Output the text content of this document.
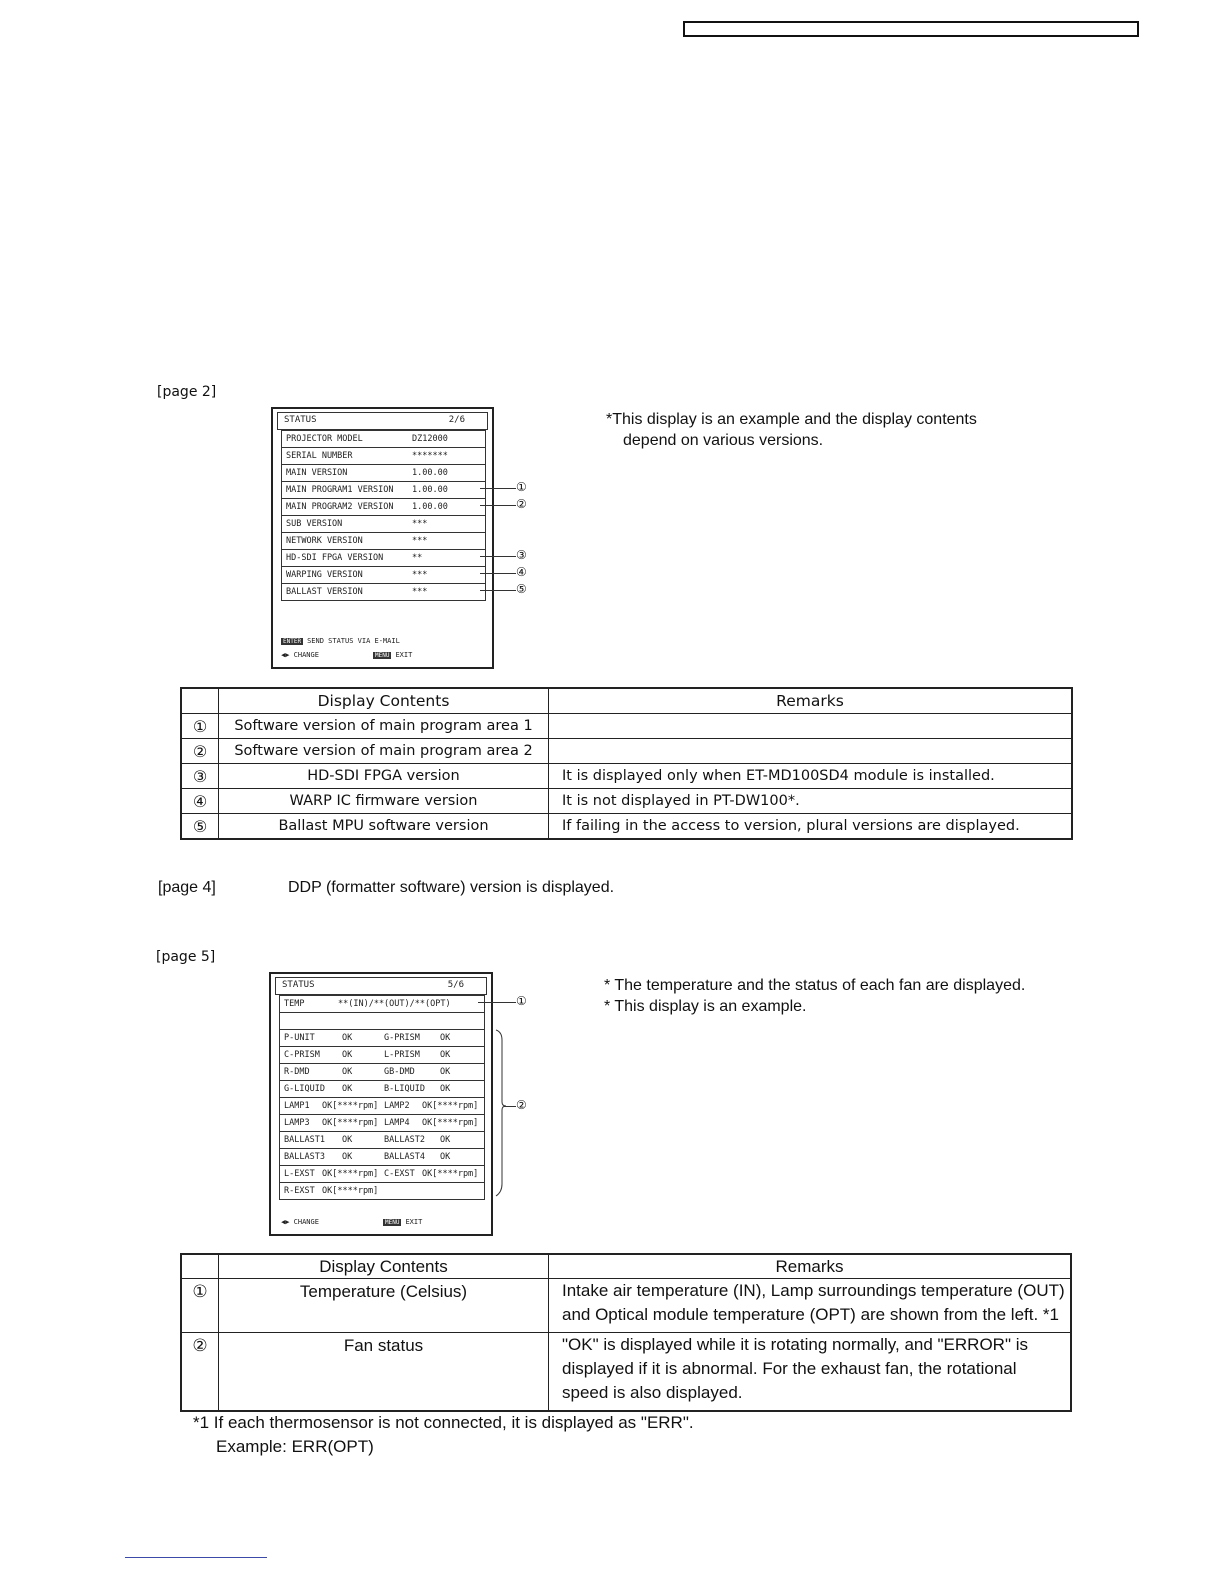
[page 2]
STATUS	2/6
PROJECTOR MODEL	DZ12000
SERIAL NUMBER	*******
MAIN VERSION	1.00.00
MAIN PROGRAM1 VERSION 1.00.00
MAIN PROGRAM2 VERSION 1.00.00
SUB VERSION	***
NETWORK VERSION	***
HD-SDI FPGA VERSION	**
WARPING VERSION	***
BALLAST VERSION	***
ENTER SEND STATUS VIA E-MAIL
◀▶ CHANGE	MENU EXIT
①
②
③
④
⑤
*This display is an example and the display contents
depend on various versions.
	Display Contents	Remarks
①	Software version of main program area 1	
②	Software version of main program area 2	
③	HD-SDI FPGA version	It is displayed only when ET-MD100SD4 module is installed.
④	WARP IC firmware version	It is not displayed in PT-DW100*.
⑤	Ballast MPU software version	If failing in the access to version, plural versions are displayed.
[page 4]	DDP (formatter software) version is displayed.
[page 5]
STATUS	5/6
TEMP	**(IN)/**(OUT)/**(OPT)
P-UNIT	OK	G-PRISM OK
C-PRISM	OK	L-PRISM OK
R-DMD	OK	GB-DMD	OK
G-LIQUID OK	B-LIQUID OK
LAMP1 OK[****rpm] LAMP2 OK[****rpm]
LAMP3 OK[****rpm] LAMP4 OK[****rpm]
BALLAST1 OK	BALLAST2 OK
BALLAST3 OK	BALLAST4 OK
L-EXST OK[****rpm] C-EXST OK[****rpm]
R-EXST OK[****rpm]
◀▶ CHANGE	MENU EXIT
①
②
* The temperature and the status of each fan are displayed.
* This display is an example.
	Display Contents	Remarks
①	Temperature (Celsius)	Intake air temperature (IN), Lamp surroundings temperature (OUT)
and Optical module temperature (OPT) are shown from the left. *1

②	Fan status	"OK" is displayed while it is rotating normally, and "ERROR" is
displayed if it is abnormal. For the exhaust fan, the rotational
speed is also displayed.
*1 If each thermosensor is not connected, it is displayed as "ERR".
Example: ERR(OPT)
